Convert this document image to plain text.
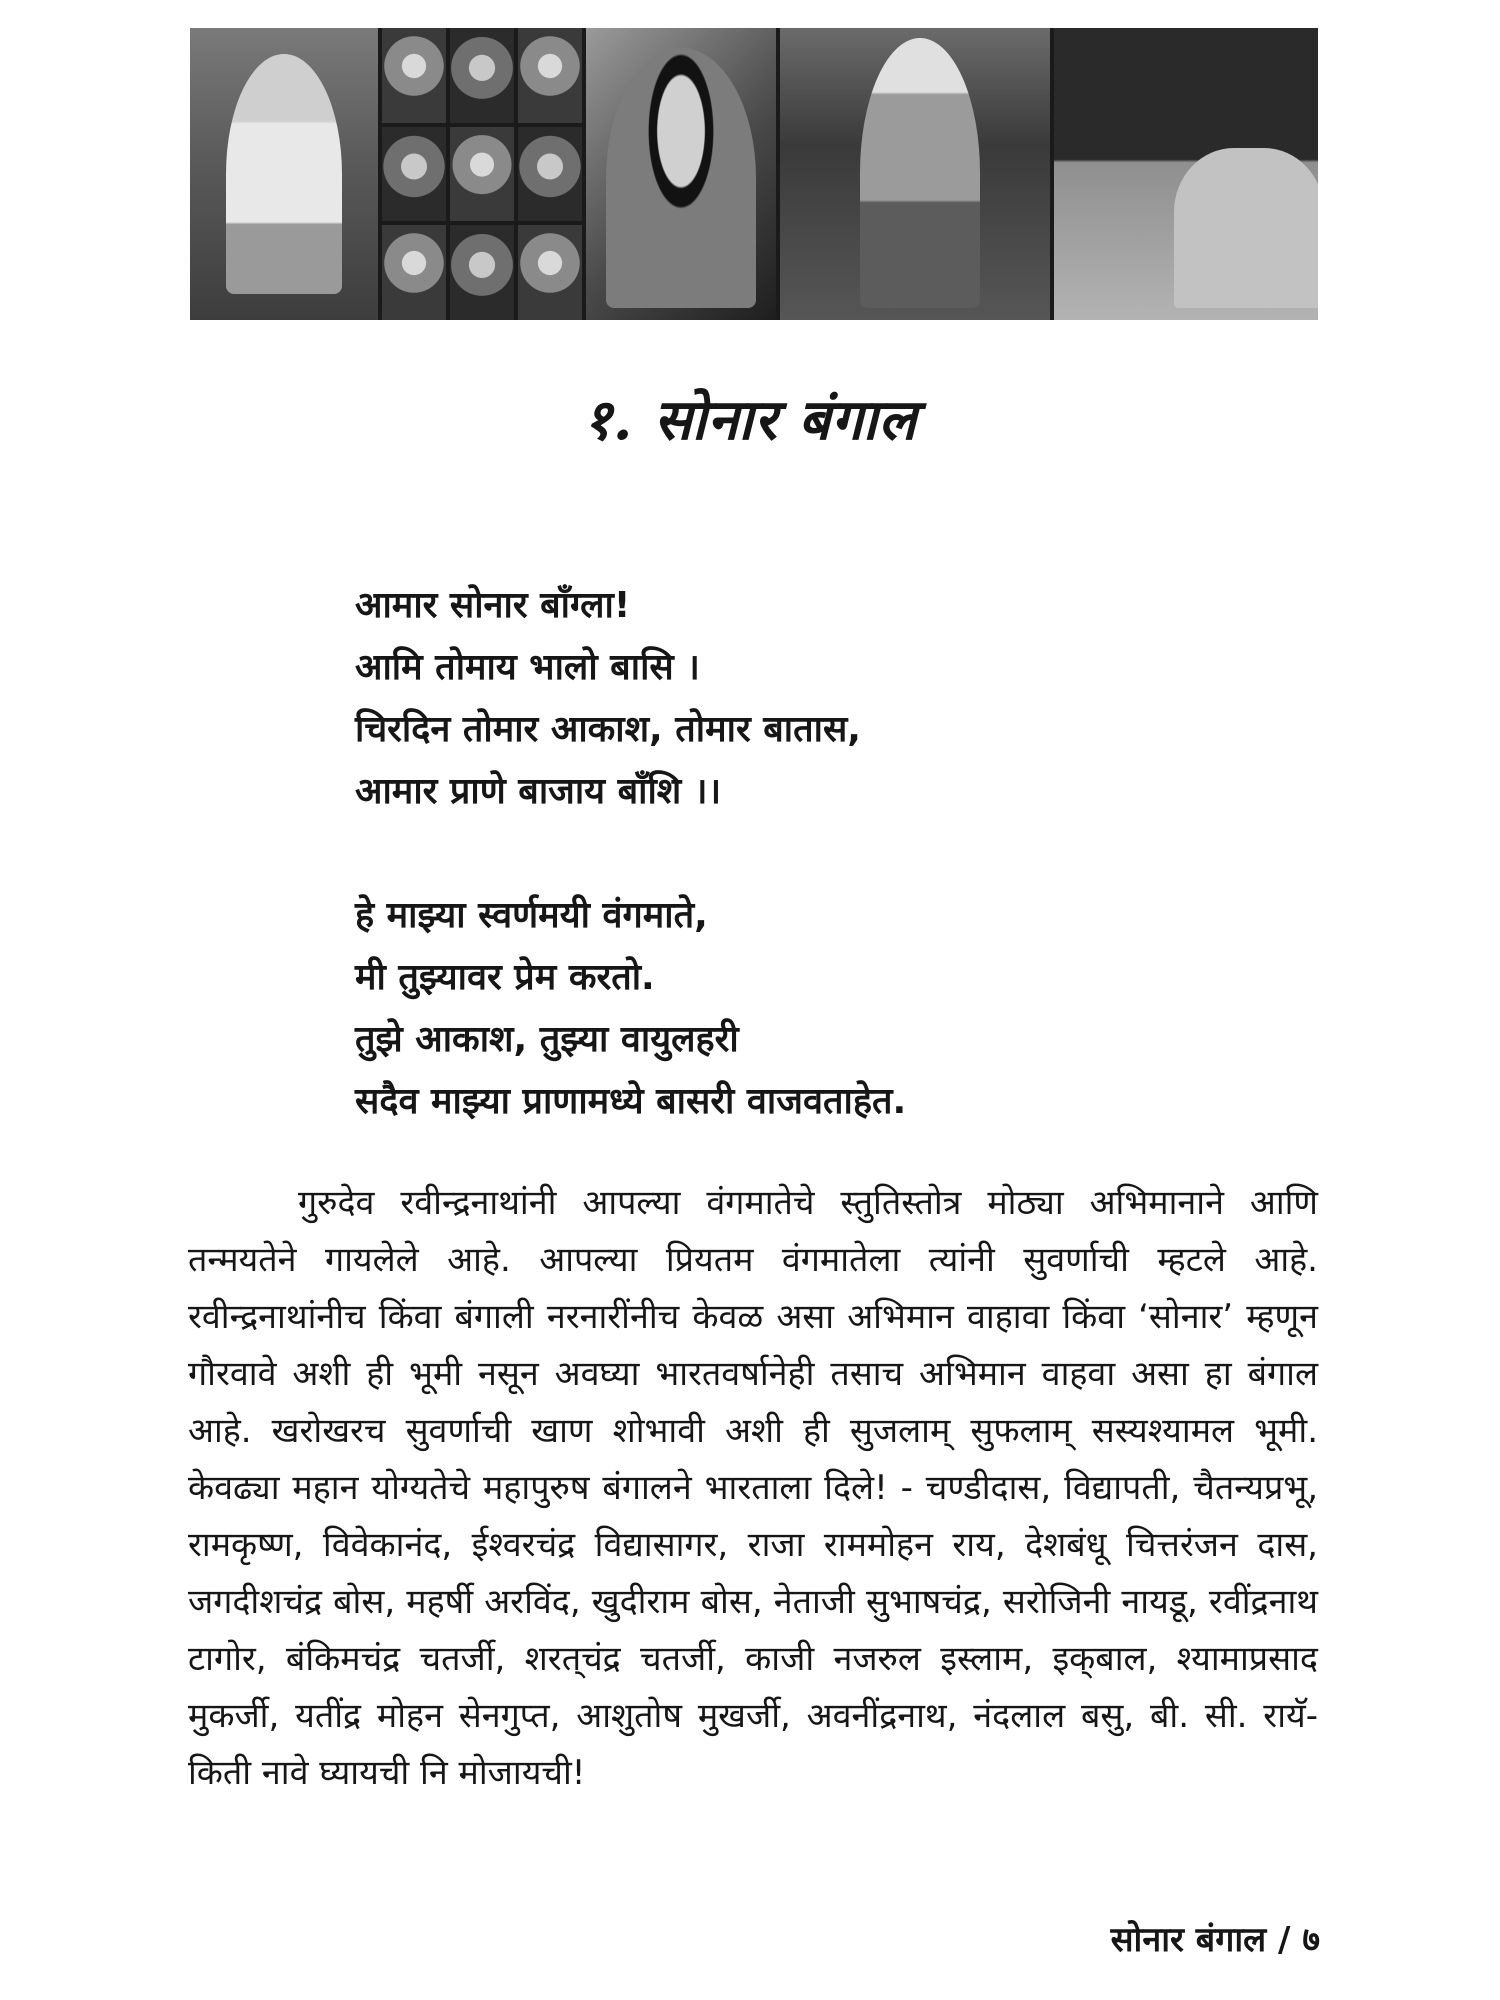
१. सोनार बंगाल
आमार सोनार बाँग्ला!
आमि तोमाय भालो बासि ।
चिरदिन तोमार आकाश, तोमार बातास,
आमार प्राणे बाजाय बाँशि ।।
हे माझ्या स्वर्णमयी वंगमाते,
मी तुझ्यावर प्रेम करतो.
तुझे आकाश, तुझ्या वायुलहरी
सदैव माझ्या प्राणामध्ये बासरी वाजवताहेत.

गुरुदेव रवीन्द्रनाथांनी आपल्या वंगमातेचे स्तुतिस्तोत्र मोठ्या अभिमानाने आणि तन्मयतेने गायलेले आहे. आपल्या प्रियतम वंगमातेला त्यांनी सुवर्णाची म्हटले आहे. रवीन्द्रनाथांनीच किंवा बंगाली नरनारींनीच केवळ असा अभिमान वाहावा किंवा ‘सोनार’ म्हणून गौरवावे अशी ही भूमी नसून अवघ्या भारतवर्षानेही तसाच अभिमान वाहवा असा हा बंगाल आहे. खरोखरच सुवर्णाची खाण शोभावी अशी ही सुजलाम् सुफलाम् सस्यश्यामल भूमी. केवढ्या महान योग्यतेचे महापुरुष बंगालने भारताला दिले! - चण्डीदास, विद्यापती, चैतन्यप्रभू, रामकृष्ण, विवेकानंद, ईश्वरचंद्र विद्यासागर, राजा राममोहन राय, देशबंधू चित्तरंजन दास, जगदीशचंद्र बोस, महर्षी अरविंद, खुदीराम बोस, नेताजी सुभाषचंद्र, सरोजिनी नायडू, रवींद्रनाथ टागोर, बंकिमचंद्र चतर्जी, शरत्‌चंद्र चतर्जी, काजी नजरुल इस्लाम, इक्‌बाल, श्यामाप्रसाद मुकर्जी, यतींद्र मोहन सेनगुप्त, आशुतोष मुखर्जी, अवनींद्रनाथ, नंदलाल बसु, बी. सी. रायॅ-किती नावे घ्यायची नि मोजायची!

सोनार बंगाल / ७
